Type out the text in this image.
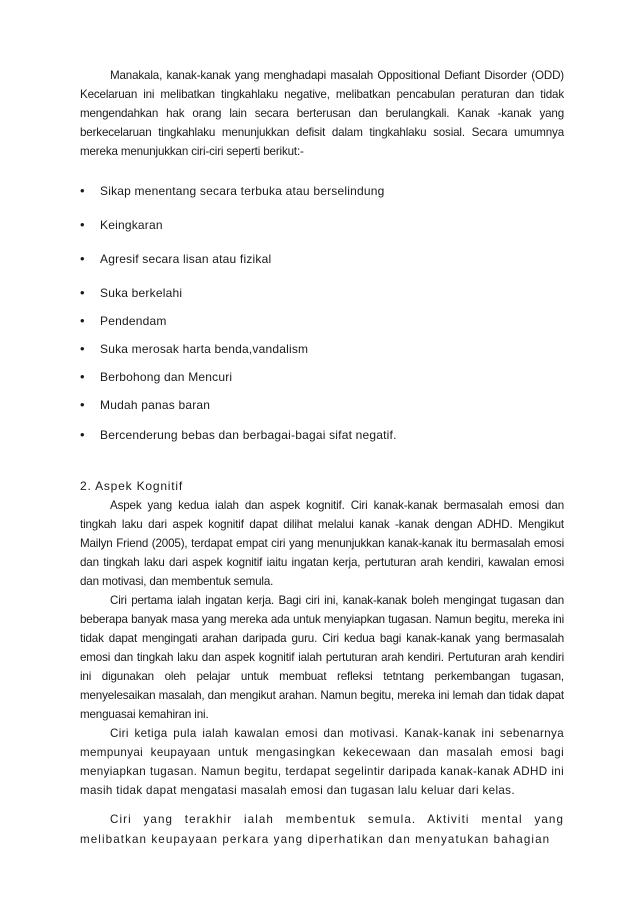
Manakala, kanak-kanak yang menghadapi masalah Oppositional Defiant Disorder (ODD) Kecelaruan ini melibatkan tingkahlaku negative, melibatkan pencabulan peraturan dan tidak mengendahkan hak orang lain secara berterusan dan berulangkali. Kanak -kanak yang berkecelaruan tingkahlaku menunjukkan defisit dalam tingkahlaku sosial. Secara umumnya mereka menunjukkan ciri-ciri seperti berikut:-

• Sikap menentang secara terbuka atau berselindung
• Keingkaran
• Agresif secara lisan atau fizikal
• Suka berkelahi
• Pendendam
• Suka merosak harta benda,vandalism
• Berbohong dan Mencuri
• Mudah panas baran
• Bercenderung bebas dan berbagai-bagai sifat negatif.
2. Aspek Kognitif

Aspek yang kedua ialah dan aspek kognitif. Ciri kanak-kanak bermasalah emosi dan tingkah laku dari aspek kognitif dapat dilihat melalui kanak -kanak dengan ADHD. Mengikut Mailyn Friend (2005), terdapat empat ciri yang menunjukkan kanak-kanak itu bermasalah emosi dan tingkah laku dari aspek kognitif iaitu ingatan kerja, pertuturan arah kendiri, kawalan emosi dan motivasi, dan membentuk semula.

Ciri pertama ialah ingatan kerja. Bagi ciri ini, kanak-kanak boleh mengingat tugasan dan beberapa banyak masa yang mereka ada untuk menyiapkan tugasan. Namun begitu, mereka ini tidak dapat mengingati arahan daripada guru. Ciri kedua bagi kanak-kanak yang bermasalah emosi dan tingkah laku dan aspek kognitif ialah pertuturan arah kendiri. Pertuturan arah kendiri ini digunakan oleh pelajar untuk membuat refleksi tetntang perkembangan tugasan, menyelesaikan masalah, dan mengikut arahan. Namun begitu, mereka ini lemah dan tidak dapat menguasai kemahiran ini.

Ciri ketiga pula ialah kawalan emosi dan motivasi. Kanak-kanak ini sebenarnya mempunyai keupayaan untuk mengasingkan kekecewaan dan masalah emosi bagi menyiapkan tugasan. Namun begitu, terdapat segelintir daripada kanak-kanak ADHD ini masih tidak dapat mengatasi masalah emosi dan tugasan lalu keluar dari kelas.

Ciri yang terakhir ialah membentuk semula. Aktiviti mental yang melibatkan keupayaan perkara yang diperhatikan dan menyatukan bahagian
